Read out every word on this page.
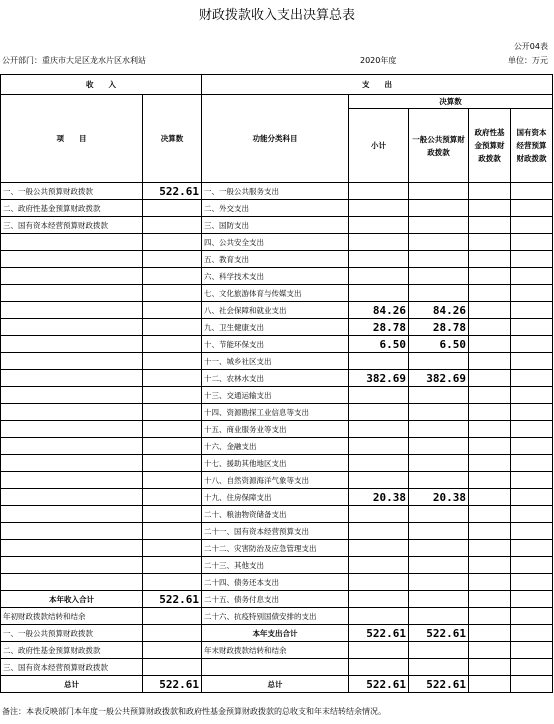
财政拨款收入支出决算总表
公开04表
公开部门：重庆市大足区龙水片区水利站	2020年度	单位：万元
收　　入		支　　出				
项　　目	决算数	功能分类科目	决算数			
			小计	一般公共预算财政拨款	政府性基金预算财政拨款	国有资本经营预算财政拨款
一、一般公共预算财政拨款	522.61	一、一般公共服务支出				
二、政府性基金预算财政拨款		二、外交支出				
三、国有资本经营预算财政拨款		三、国防支出				
		四、公共安全支出				
		五、教育支出				
		六、科学技术支出				
		七、文化旅游体育与传媒支出				
		八、社会保障和就业支出	84.26	84.26		
		九、卫生健康支出	28.78	28.78		
		十、节能环保支出	6.50	6.50		
		十一、城乡社区支出				
		十二、农林水支出	382.69	382.69		
		十三、交通运输支出				
		十四、资源勘探工业信息等支出				
		十五、商业服务业等支出				
		十六、金融支出				
		十七、援助其他地区支出				
		十八、自然资源海洋气象等支出				
		十九、住房保障支出	20.38	20.38		
		二十、粮油物资储备支出				
		二十一、国有资本经营预算支出				
		二十二、灾害防治及应急管理支出				
		二十三、其他支出				
		二十四、债务还本支出				
本年收入合计	522.61	二十五、债务付息支出				
年初财政拨款结转和结余		二十六、抗疫特别国债安排的支出				
一、一般公共预算财政拨款		本年支出合计	522.61	522.61		
二、政府性基金预算财政拨款		年末财政拨款结转和结余				
三、国有资本经营预算财政拨款						
总计	522.61	总计	522.61	522.61		
备注：本表反映部门本年度一般公共预算财政拨款和政府性基金预算财政拨款的总收支和年末结转结余情况。
